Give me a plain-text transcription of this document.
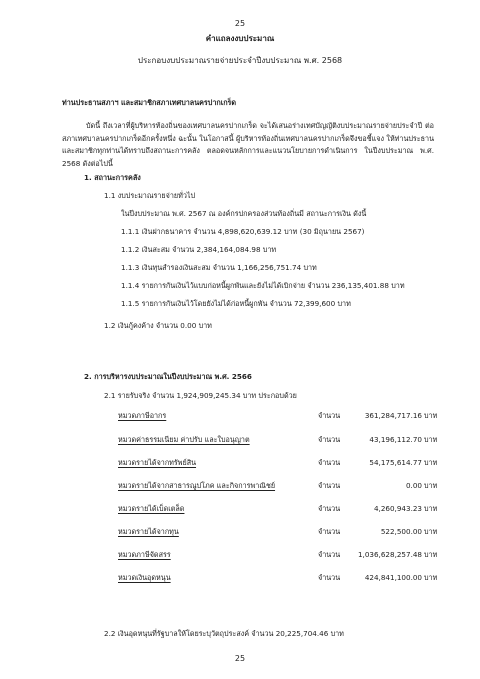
25
คำแถลงงบประมาณ
ประกอบงบประมาณรายจ่ายประจำปีงบประมาณ พ.ศ. 2568
ท่านประธานสภาฯ และสมาชิกสภาเทศบาลนครปากเกร็ด
บัดนี้ ถึงเวลาที่ผู้บริหารท้องถิ่นของเทศบาลนครปากเกร็ด จะได้เสนอร่างเทศบัญญัติงบประมาณรายจ่ายประจำปี ต่อสภาเทศบาลนครปากเกร็ดอีกครั้งหนึ่ง ฉะนั้น ในโอกาสนี้ ผู้บริหารท้องถิ่นเทศบาลนครปากเกร็ดจึงขอชี้แจง ให้ท่านประธานและสมาชิกทุกท่านได้ทราบถึงสถานะการคลัง ตลอดจนหลักการและแนวนโยบายการดำเนินการ ในปีงบประมาณ พ.ศ. 2568 ดังต่อไปนี้
1. สถานะการคลัง
1.1 งบประมาณรายจ่ายทั่วไป
ในปีงบประมาณ พ.ศ. 2567 ณ องค์กรปกครองส่วนท้องถิ่นมี สถานะการเงิน ดังนี้
1.1.1 เงินฝากธนาคาร จำนวน 4,898,620,639.12 บาท (30 มิถุนายน 2567)
1.1.2 เงินสะสม จำนวน 2,384,164,084.98 บาท
1.1.3 เงินทุนสำรองเงินสะสม จำนวน 1,166,256,751.74 บาท
1.1.4 รายการกันเงินไว้แบบก่อหนี้ผูกพันและยังไม่ได้เบิกจ่าย จำนวน 236,135,401.88 บาท
1.1.5 รายการกันเงินไว้โดยยังไม่ได้ก่อหนี้ผูกพัน จำนวน 72,399,600 บาท
1.2 เงินกู้คงค้าง จำนวน 0.00 บาท
2. การบริหารงบประมาณในปีงบประมาณ พ.ศ. 2566
2.1 รายรับจริง จำนวน 1,924,909,245.34 บาท ประกอบด้วย
หมวดภาษีอากร	จำนวน	361,284,717.16 บาท
หมวดค่าธรรมเนียม ค่าปรับ และใบอนุญาต	จำนวน	43,196,112.70 บาท
หมวดรายได้จากทรัพย์สิน	จำนวน	54,175,614.77 บาท
หมวดรายได้จากสาธารณูปโภค และกิจการพาณิชย์	จำนวน	0.00 บาท
หมวดรายได้เบ็ดเตล็ด	จำนวน	4,260,943.23 บาท
หมวดรายได้จากทุน	จำนวน	522,500.00 บาท
หมวดภาษีจัดสรร	จำนวน 1,036,628,257.48 บาท
หมวดเงินอุดหนุน	จำนวน	424,841,100.00 บาท
2.2 เงินอุดหนุนที่รัฐบาลให้โดยระบุวัตถุประสงค์ จำนวน 20,225,704.46 บาท
25
